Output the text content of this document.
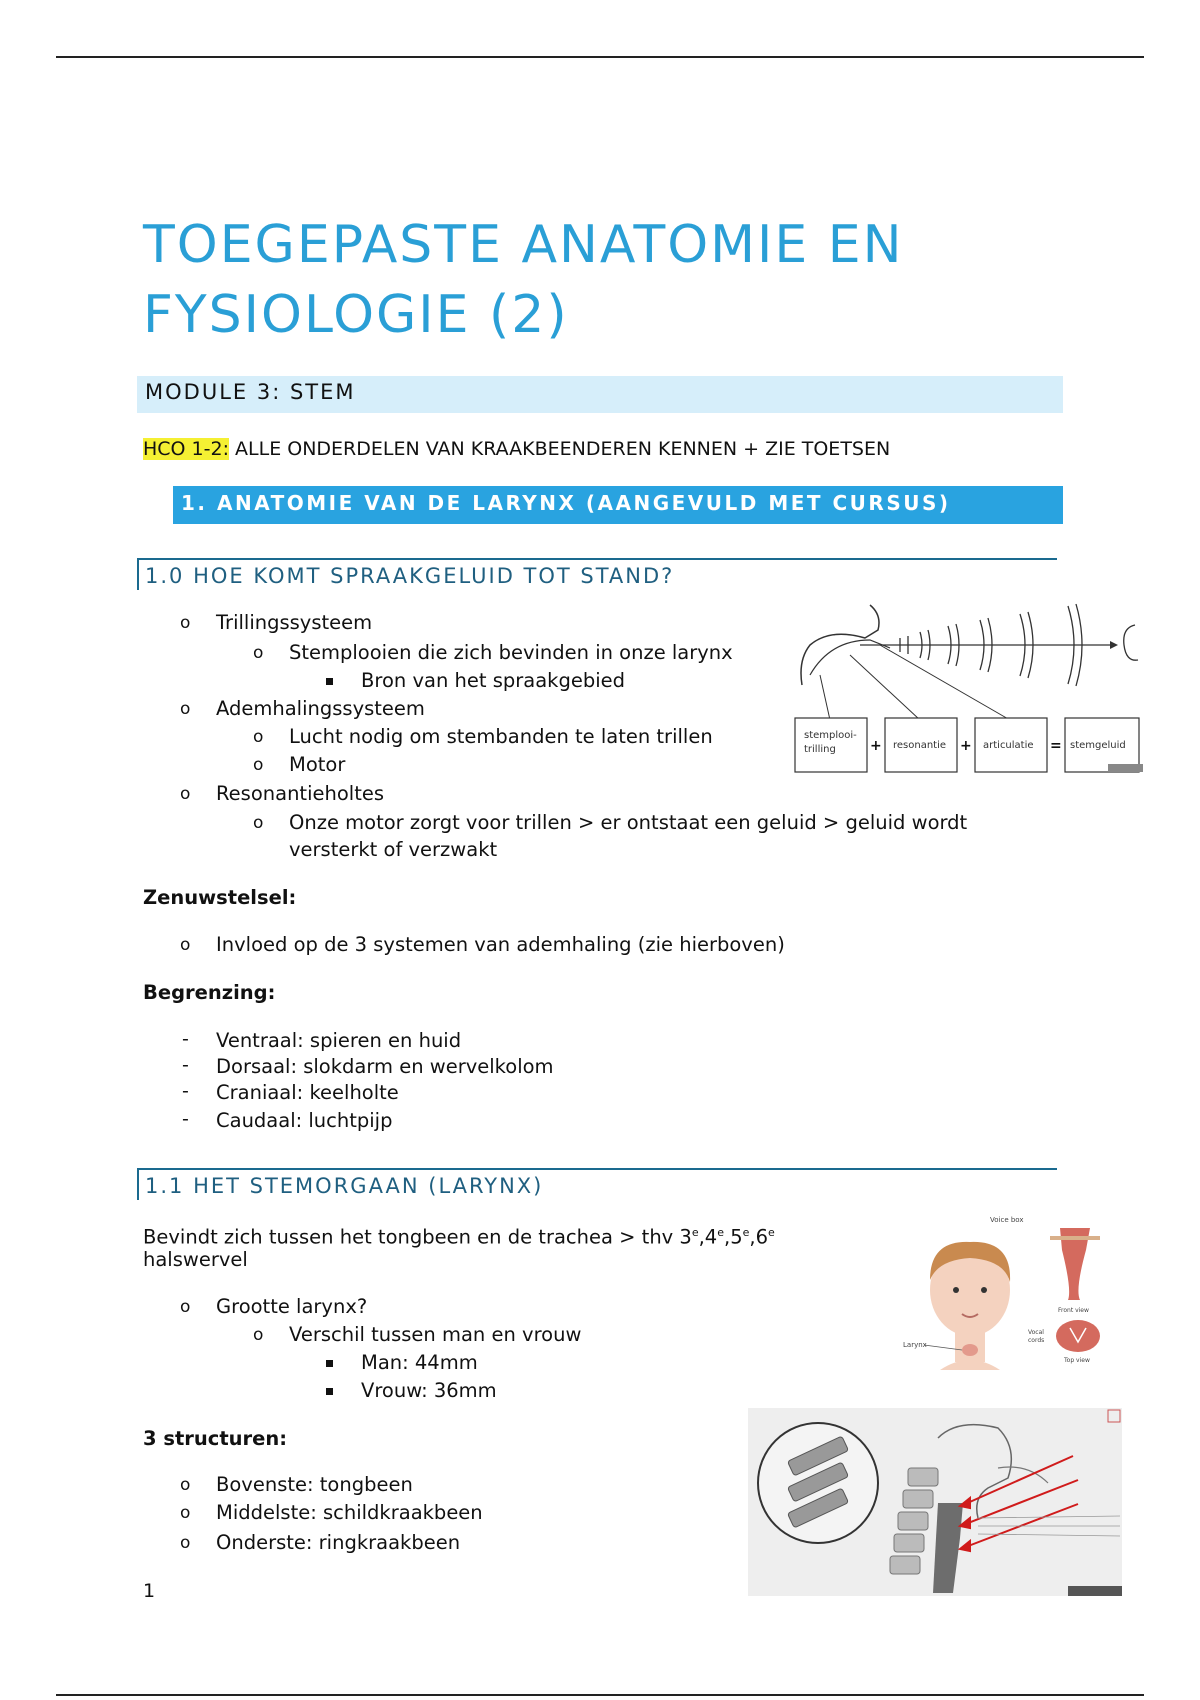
TOEGEPASTE ANATOMIE EN
FYSIOLOGIE (2)
MODULE 3: STEM
HCO 1-2: ALLE ONDERDELEN VAN KRAAKBEENDEREN KENNEN + ZIE TOETSEN
1. ANATOMIE VAN DE LARYNX (AANGEVULD MET CURSUS)
1.0 HOE KOMT SPRAAKGELUID TOT STAND?
o Trillingssysteem
o Stemplooien die zich bevinden in onze larynx
Bron van het spraakgebied
o Ademhalingssysteem
o Lucht nodig om stembanden te laten trillen
o Motor
o Resonantieholtes
o Onze motor zorgt voor trillen > er ontstaat een geluid > geluid wordt
versterkt of verzwakt
Zenuwstelsel:
o Invloed op de 3 systemen van ademhaling (zie hierboven)
Begrenzing:
- Ventraal: spieren en huid
- Dorsaal: slokdarm en wervelkolom
- Craniaal: keelholte
- Caudaal: luchtpijp
stemplooi-
trilling	resonantie	articulatie	stemgeluid
+	+	=
1.1 HET STEMORGAAN (LARYNX)
Bevindt zich tussen het tongbeen en de trachea > thv 3e,4e,5e,6e
halswervel
o Grootte larynx?
o Verschil tussen man en vrouw
Man: 44mm
Vrouw: 36mm
3 structuren:
o Bovenste: tongbeen
o Middelste: schildkraakbeen
o Onderste: ringkraakbeen
Voice box
Larynx
Front view
Vocal
cords
Top view
1
